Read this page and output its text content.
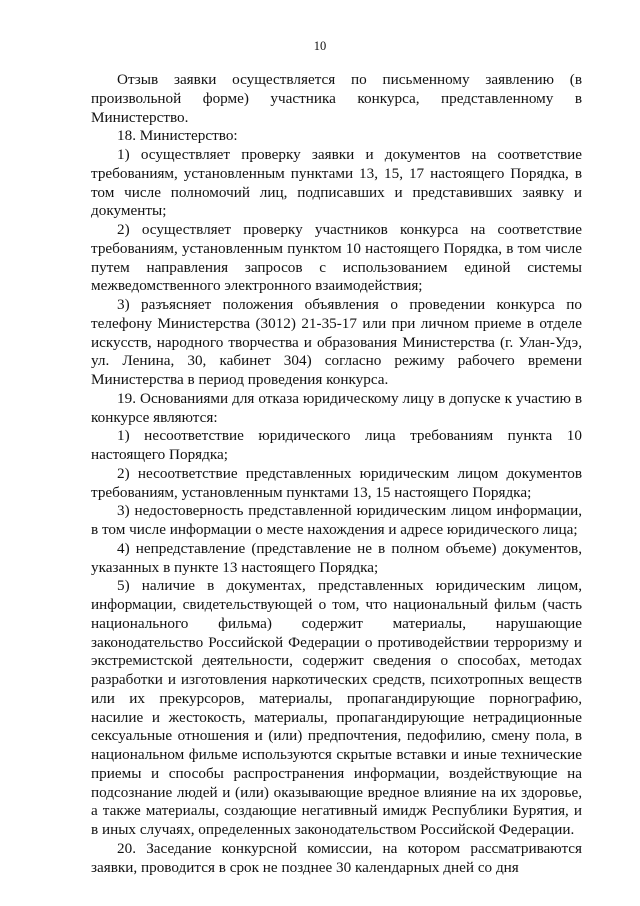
10

Отзыв заявки осуществляется по письменному заявлению (в произвольной форме) участника конкурса, представленному в Министерство.

18. Министерство:

1) осуществляет проверку заявки и документов на соответствие требованиям, установленным пунктами 13, 15, 17 настоящего Порядка, в том числе полномочий лиц, подписавших и представивших заявку и документы;

2) осуществляет проверку участников конкурса на соответствие требованиям, установленным пунктом 10 настоящего Порядка, в том числе путем направления запросов с использованием единой системы межведомственного электронного взаимодействия;

3) разъясняет положения объявления о проведении конкурса по телефону Министерства (3012) 21-35-17 или при личном приеме в отделе искусств, народного творчества и образования Министерства (г. Улан-Удэ, ул. Ленина, 30, кабинет 304) согласно режиму рабочего времени Министерства в период проведения конкурса.

19. Основаниями для отказа юридическому лицу в допуске к участию в конкурсе являются:

1) несоответствие юридического лица требованиям пункта 10 настоящего Порядка;

2) несоответствие представленных юридическим лицом документов требованиям, установленным пунктами 13, 15 настоящего Порядка;

3) недостоверность представленной юридическим лицом информации, в том числе информации о месте нахождения и адресе юридического лица;

4) непредставление (представление не в полном объеме) документов, указанных в пункте 13 настоящего Порядка;

5) наличие в документах, представленных юридическим лицом, информации, свидетельствующей о том, что национальный фильм (часть национального фильма) содержит материалы, нарушающие законодательство Российской Федерации о противодействии терроризму и экстремистской деятельности, содержит сведения о способах, методах разработки и изготовления наркотических средств, психотропных веществ или их прекурсоров, материалы, пропагандирующие порнографию, насилие и жестокость, материалы, пропагандирующие нетрадиционные сексуальные отношения и (или) предпочтения, педофилию, смену пола, в национальном фильме используются скрытые вставки и иные технические приемы и способы распространения информации, воздействующие на подсознание людей и (или) оказывающие вредное влияние на их здоровье, а также материалы, создающие негативный имидж Республики Бурятия, и в иных случаях, определенных законодательством Российской Федерации.

20. Заседание конкурсной комиссии, на котором рассматриваются заявки, проводится в срок не позднее 30 календарных дней со дня
